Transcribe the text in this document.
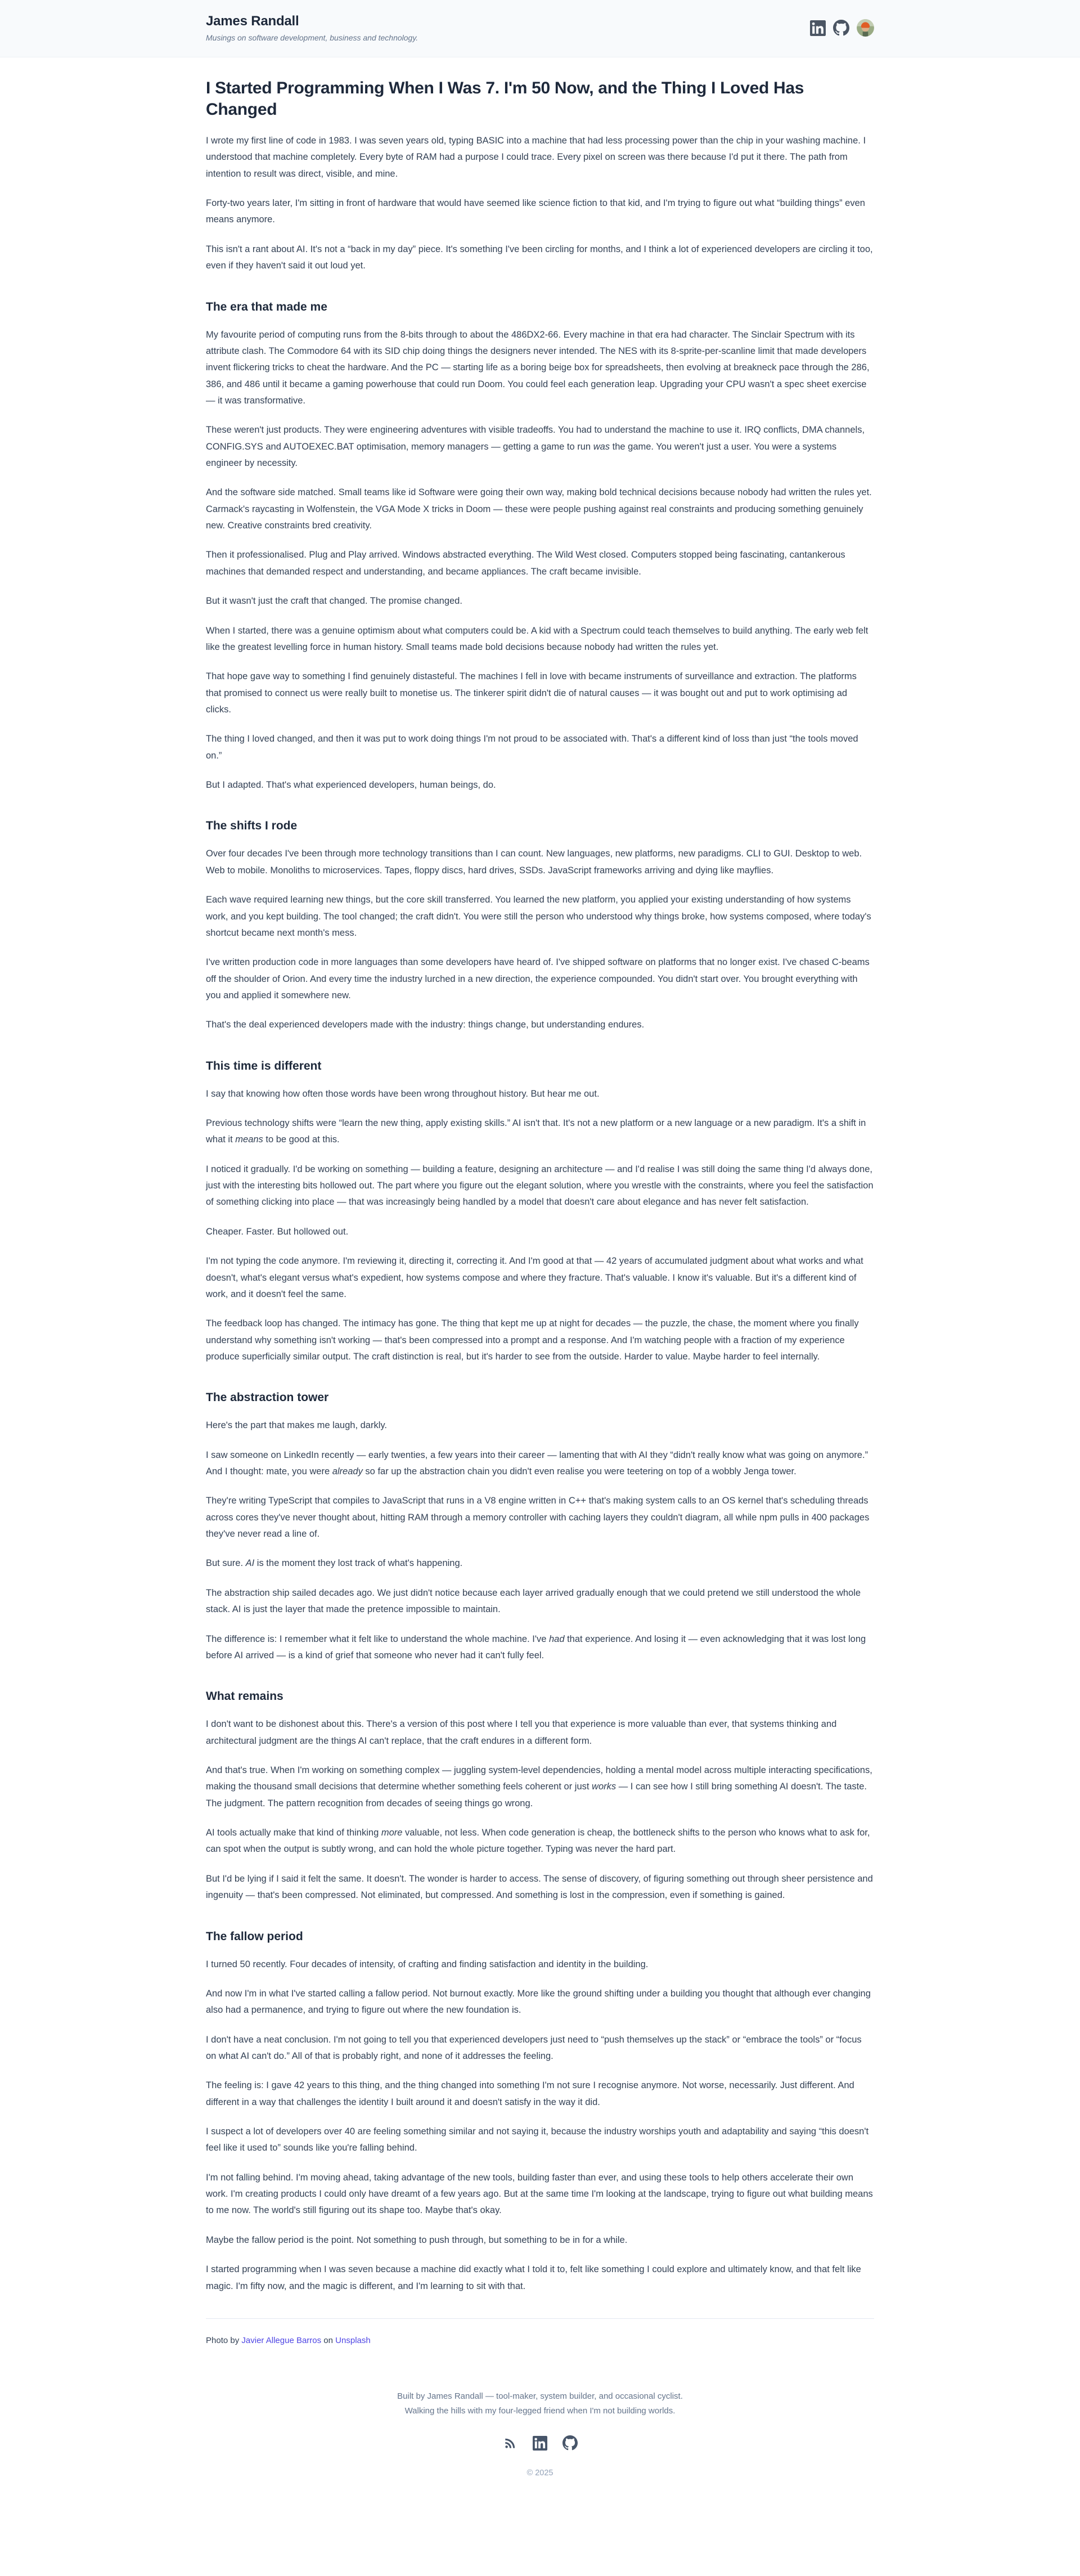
James Randall

Musings on software development, business and technology.

I Started Programming When I Was 7. I'm 50 Now, and the Thing I Loved Has Changed

I wrote my first line of code in 1983. I was seven years old, typing BASIC into a machine that had less processing power than the chip in your washing machine. I understood that machine completely. Every byte of RAM had a purpose I could trace. Every pixel on screen was there because I'd put it there. The path from intention to result was direct, visible, and mine.

Forty-two years later, I'm sitting in front of hardware that would have seemed like science fiction to that kid, and I'm trying to figure out what “building things” even means anymore.

This isn't a rant about AI. It's not a “back in my day” piece. It's something I've been circling for months, and I think a lot of experienced developers are circling it too, even if they haven't said it out loud yet.

The era that made me

My favourite period of computing runs from the 8-bits through to about the 486DX2-66. Every machine in that era had character. The Sinclair Spectrum with its attribute clash. The Commodore 64 with its SID chip doing things the designers never intended. The NES with its 8-sprite-per-scanline limit that made developers invent flickering tricks to cheat the hardware. And the PC — starting life as a boring beige box for spreadsheets, then evolving at breakneck pace through the 286, 386, and 486 until it became a gaming powerhouse that could run Doom. You could feel each generation leap. Upgrading your CPU wasn't a spec sheet exercise — it was transformative.

These weren't just products. They were engineering adventures with visible tradeoffs. You had to understand the machine to use it. IRQ conflicts, DMA channels, CONFIG.SYS and AUTOEXEC.BAT optimisation, memory managers — getting a game to run was the game. You weren't just a user. You were a systems engineer by necessity.

And the software side matched. Small teams like id Software were going their own way, making bold technical decisions because nobody had written the rules yet. Carmack's raycasting in Wolfenstein, the VGA Mode X tricks in Doom — these were people pushing against real constraints and producing something genuinely new. Creative constraints bred creativity.

Then it professionalised. Plug and Play arrived. Windows abstracted everything. The Wild West closed. Computers stopped being fascinating, cantankerous machines that demanded respect and understanding, and became appliances. The craft became invisible.

But it wasn't just the craft that changed. The promise changed.

When I started, there was a genuine optimism about what computers could be. A kid with a Spectrum could teach themselves to build anything. The early web felt like the greatest levelling force in human history. Small teams made bold decisions because nobody had written the rules yet.

That hope gave way to something I find genuinely distasteful. The machines I fell in love with became instruments of surveillance and extraction. The platforms that promised to connect us were really built to monetise us. The tinkerer spirit didn't die of natural causes — it was bought out and put to work optimising ad clicks.

The thing I loved changed, and then it was put to work doing things I'm not proud to be associated with. That's a different kind of loss than just “the tools moved on.”

But I adapted. That's what experienced developers, human beings, do.

The shifts I rode

Over four decades I've been through more technology transitions than I can count. New languages, new platforms, new paradigms. CLI to GUI. Desktop to web. Web to mobile. Monoliths to microservices. Tapes, floppy discs, hard drives, SSDs. JavaScript frameworks arriving and dying like mayflies.

Each wave required learning new things, but the core skill transferred. You learned the new platform, you applied your existing understanding of how systems work, and you kept building. The tool changed; the craft didn't. You were still the person who understood why things broke, how systems composed, where today's shortcut became next month's mess.

I've written production code in more languages than some developers have heard of. I've shipped software on platforms that no longer exist. I've chased C-beams off the shoulder of Orion. And every time the industry lurched in a new direction, the experience compounded. You didn't start over. You brought everything with you and applied it somewhere new.

That's the deal experienced developers made with the industry: things change, but understanding endures.

This time is different

I say that knowing how often those words have been wrong throughout history. But hear me out.

Previous technology shifts were “learn the new thing, apply existing skills.” AI isn't that. It's not a new platform or a new language or a new paradigm. It's a shift in what it means to be good at this.

I noticed it gradually. I'd be working on something — building a feature, designing an architecture — and I'd realise I was still doing the same thing I'd always done, just with the interesting bits hollowed out. The part where you figure out the elegant solution, where you wrestle with the constraints, where you feel the satisfaction of something clicking into place — that was increasingly being handled by a model that doesn't care about elegance and has never felt satisfaction.

Cheaper. Faster. But hollowed out.

I'm not typing the code anymore. I'm reviewing it, directing it, correcting it. And I'm good at that — 42 years of accumulated judgment about what works and what doesn't, what's elegant versus what's expedient, how systems compose and where they fracture. That's valuable. I know it's valuable. But it's a different kind of work, and it doesn't feel the same.

The feedback loop has changed. The intimacy has gone. The thing that kept me up at night for decades — the puzzle, the chase, the moment where you finally understand why something isn't working — that's been compressed into a prompt and a response. And I'm watching people with a fraction of my experience produce superficially similar output. The craft distinction is real, but it's harder to see from the outside. Harder to value. Maybe harder to feel internally.

The abstraction tower

Here's the part that makes me laugh, darkly.

I saw someone on LinkedIn recently — early twenties, a few years into their career — lamenting that with AI they “didn't really know what was going on anymore.” And I thought: mate, you were already so far up the abstraction chain you didn't even realise you were teetering on top of a wobbly Jenga tower.

They're writing TypeScript that compiles to JavaScript that runs in a V8 engine written in C++ that's making system calls to an OS kernel that's scheduling threads across cores they've never thought about, hitting RAM through a memory controller with caching layers they couldn't diagram, all while npm pulls in 400 packages they've never read a line of.

But sure. AI is the moment they lost track of what's happening.

The abstraction ship sailed decades ago. We just didn't notice because each layer arrived gradually enough that we could pretend we still understood the whole stack. AI is just the layer that made the pretence impossible to maintain.

The difference is: I remember what it felt like to understand the whole machine. I've had that experience. And losing it — even acknowledging that it was lost long before AI arrived — is a kind of grief that someone who never had it can't fully feel.

What remains

I don't want to be dishonest about this. There's a version of this post where I tell you that experience is more valuable than ever, that systems thinking and architectural judgment are the things AI can't replace, that the craft endures in a different form.

And that's true. When I'm working on something complex — juggling system-level dependencies, holding a mental model across multiple interacting specifications, making the thousand small decisions that determine whether something feels coherent or just works — I can see how I still bring something AI doesn't. The taste. The judgment. The pattern recognition from decades of seeing things go wrong.

AI tools actually make that kind of thinking more valuable, not less. When code generation is cheap, the bottleneck shifts to the person who knows what to ask for, can spot when the output is subtly wrong, and can hold the whole picture together. Typing was never the hard part.

But I'd be lying if I said it felt the same. It doesn't. The wonder is harder to access. The sense of discovery, of figuring something out through sheer persistence and ingenuity — that's been compressed. Not eliminated, but compressed. And something is lost in the compression, even if something is gained.

The fallow period

I turned 50 recently. Four decades of intensity, of crafting and finding satisfaction and identity in the building.

And now I'm in what I've started calling a fallow period. Not burnout exactly. More like the ground shifting under a building you thought that although ever changing also had a permanence, and trying to figure out where the new foundation is.

I don't have a neat conclusion. I'm not going to tell you that experienced developers just need to “push themselves up the stack” or “embrace the tools” or “focus on what AI can't do.” All of that is probably right, and none of it addresses the feeling.

The feeling is: I gave 42 years to this thing, and the thing changed into something I'm not sure I recognise anymore. Not worse, necessarily. Just different. And different in a way that challenges the identity I built around it and doesn't satisfy in the way it did.

I suspect a lot of developers over 40 are feeling something similar and not saying it, because the industry worships youth and adaptability and saying “this doesn't feel like it used to” sounds like you're falling behind.

I'm not falling behind. I'm moving ahead, taking advantage of the new tools, building faster than ever, and using these tools to help others accelerate their own work. I'm creating products I could only have dreamt of a few years ago. But at the same time I'm looking at the landscape, trying to figure out what building means to me now. The world's still figuring out its shape too. Maybe that's okay.

Maybe the fallow period is the point. Not something to push through, but something to be in for a while.

I started programming when I was seven because a machine did exactly what I told it to, felt like something I could explore and ultimately know, and that felt like magic. I'm fifty now, and the magic is different, and I'm learning to sit with that.

Photo by Javier Allegue Barros on Unsplash

Built by James Randall — tool-maker, system builder, and occasional cyclist.

Walking the hills with my four-legged friend when I'm not building worlds.

© 2025
